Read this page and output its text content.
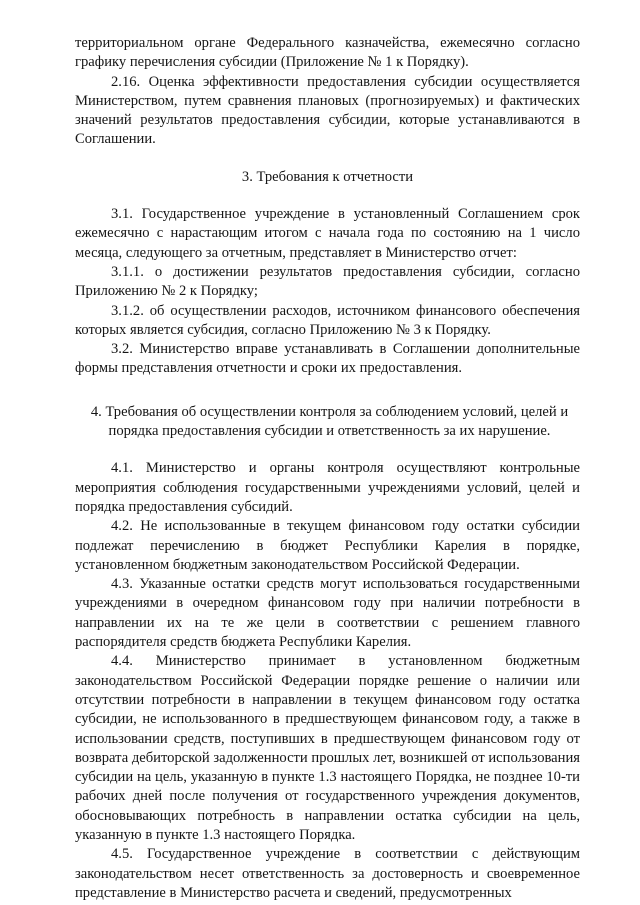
территориальном органе Федерального казначейства, ежемесячно согласно графику перечисления субсидии (Приложение № 1 к Порядку).

2.16. Оценка эффективности предоставления субсидии осуществляется Министерством, путем сравнения плановых (прогнозируемых) и фактических значений результатов предоставления субсидии, которые устанавливаются в Соглашении.

3. Требования к отчетности

3.1. Государственное учреждение в установленный Соглашением срок ежемесячно с нарастающим итогом с начала года по состоянию на 1 число месяца, следующего за отчетным, представляет в Министерство отчет:

3.1.1. о достижении результатов предоставления субсидии, согласно Приложению № 2 к Порядку;

3.1.2. об осуществлении расходов, источником финансового обеспечения которых является субсидия, согласно Приложению № 3 к Порядку.

3.2. Министерство вправе устанавливать в Соглашении дополнительные формы представления отчетности и сроки их предоставления.

4. Требования об осуществлении контроля за соблюдением условий, целей и порядка предоставления субсидии и ответственность за их нарушение.

4.1. Министерство и органы контроля осуществляют контрольные мероприятия соблюдения государственными учреждениями условий, целей и порядка предоставления субсидий.

4.2. Не использованные в текущем финансовом году остатки субсидии подлежат перечислению в бюджет Республики Карелия в порядке, установленном бюджетным законодательством Российской Федерации.

4.3. Указанные остатки средств могут использоваться государственными учреждениями в очередном финансовом году при наличии потребности в направлении их на те же цели в соответствии с решением главного распорядителя средств бюджета Республики Карелия.

4.4. Министерство принимает в установленном бюджетным законодательством Российской Федерации порядке решение о наличии или отсутствии потребности в направлении в текущем финансовом году остатка субсидии, не использованного в предшествующем финансовом году, а также в использовании средств, поступивших в предшествующем финансовом году от возврата дебиторской задолженности прошлых лет, возникшей от использования субсидии на цель, указанную в пункте 1.3 настоящего Порядка, не позднее 10-ти рабочих дней после получения от государственного учреждения документов, обосновывающих потребность в направлении остатка субсидии на цель, указанную в пункте 1.3 настоящего Порядка.

4.5. Государственное учреждение в соответствии с действующим законодательством несет ответственность за достоверность и своевременное представление в Министерство расчета и сведений, предусмотренных
